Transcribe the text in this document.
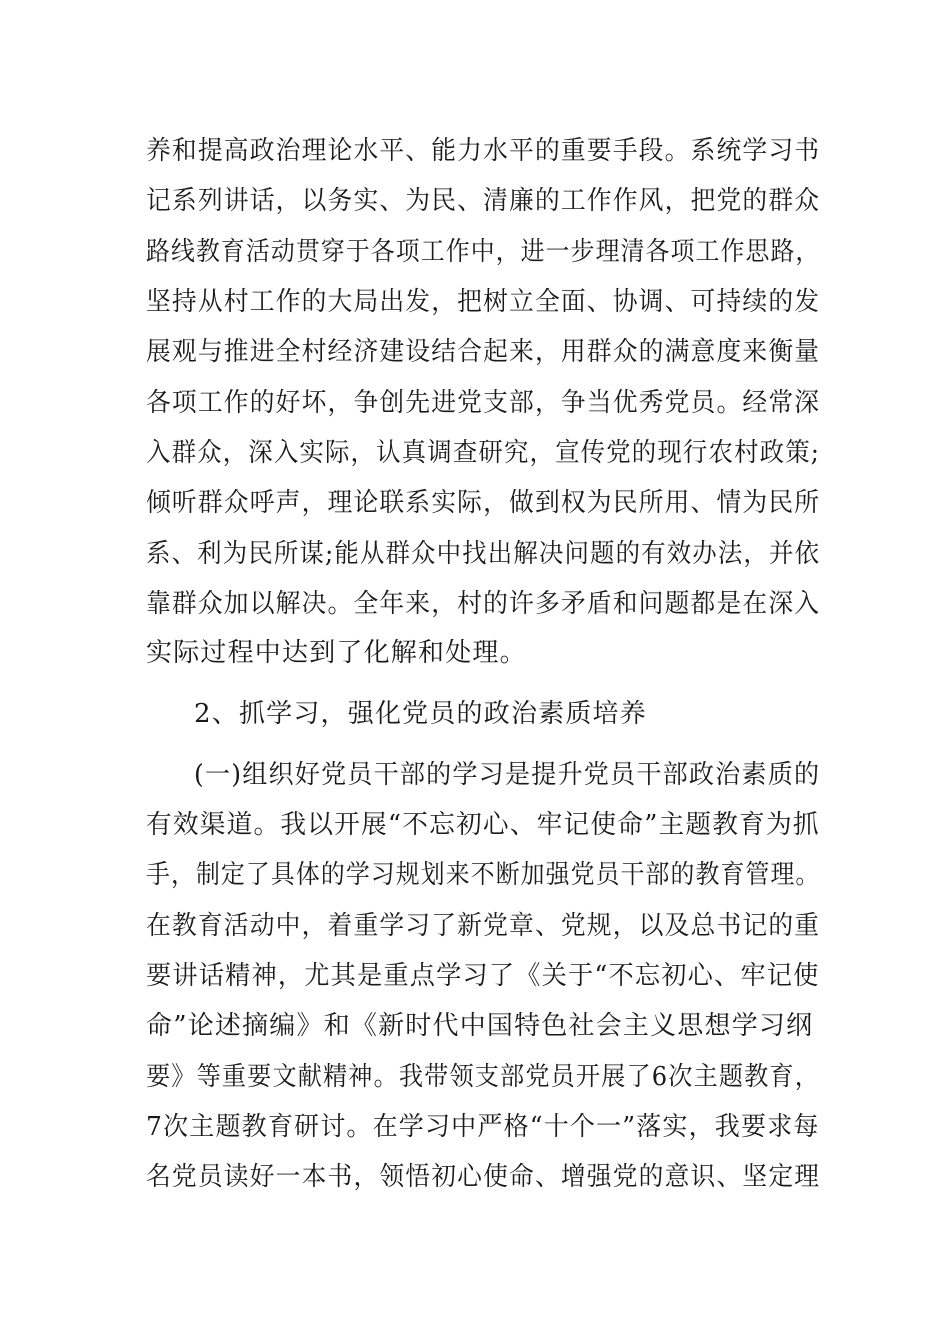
养和提高政治理论水平、能力水平的重要手段。系统学习书
记系列讲话，以务实、为民、清廉的工作作风，把党的群众
路线教育活动贯穿于各项工作中，进一步理清各项工作思路，
坚持从村工作的大局出发，把树立全面、协调、可持续的发
展观与推进全村经济建设结合起来，用群众的满意度来衡量
各项工作的好坏，争创先进党支部，争当优秀党员。经常深
入群众，深入实际，认真调查研究，宣传党的现行农村政策;
倾听群众呼声，理论联系实际，做到权为民所用、情为民所
系、利为民所谋;能从群众中找出解决问题的有效办法，并依
靠群众加以解决。全年来，村的许多矛盾和问题都是在深入
实际过程中达到了化解和处理。
2、抓学习，强化党员的政治素质培养
(一)组织好党员干部的学习是提升党员干部政治素质的
有效渠道。我以开展“不忘初心、牢记使命”主题教育为抓
手，制定了具体的学习规划来不断加强党员干部的教育管理。
在教育活动中，着重学习了新党章、党规，以及总书记的重
要讲话精神，尤其是重点学习了《关于“不忘初心、牢记使
命”论述摘编》和《新时代中国特色社会主义思想学习纲
要》等重要文献精神。我带领支部党员开展了6次主题教育，
7次主题教育研讨。在学习中严格“十个一”落实，我要求每
名党员读好一本书，领悟初心使命、增强党的意识、坚定理
